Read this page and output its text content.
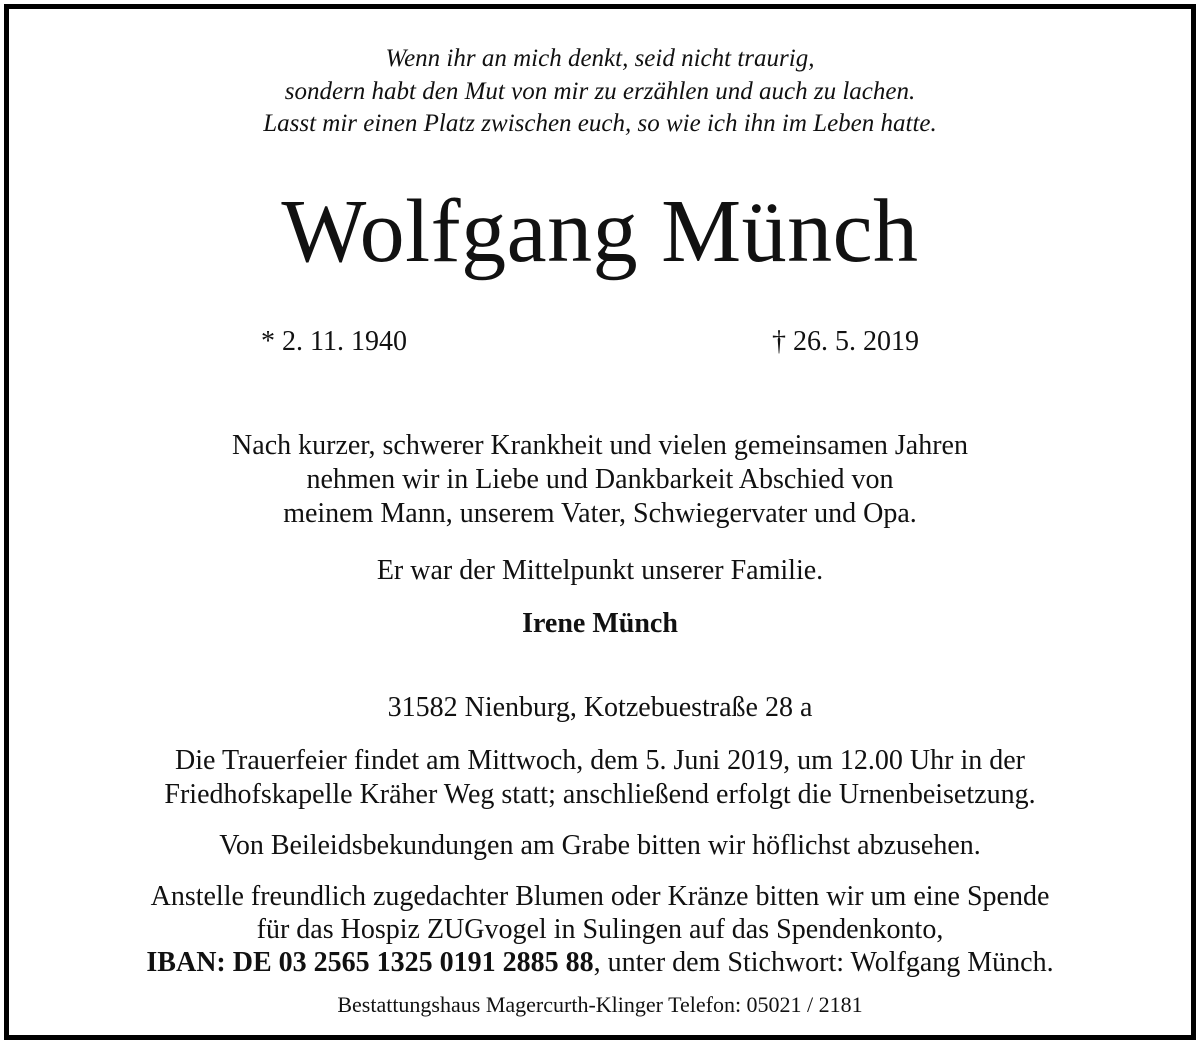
Wenn ihr an mich denkt, seid nicht traurig,
sondern habt den Mut von mir zu erzählen und auch zu lachen.
Lasst mir einen Platz zwischen euch, so wie ich ihn im Leben hatte.
Wolfgang Münch
* 2. 11. 1940	† 26. 5. 2019
Nach kurzer, schwerer Krankheit und vielen gemeinsamen Jahren
nehmen wir in Liebe und Dankbarkeit Abschied von
meinem Mann, unserem Vater, Schwiegervater und Opa.
Er war der Mittelpunkt unserer Familie.
Irene Münch
31582 Nienburg, Kotzebuestraße 28 a
Die Trauerfeier findet am Mittwoch, dem 5. Juni 2019, um 12.00 Uhr in der
Friedhofskapelle Kräher Weg statt; anschließend erfolgt die Urnenbeisetzung.
Von Beileidsbekundungen am Grabe bitten wir höflichst abzusehen.
Anstelle freundlich zugedachter Blumen oder Kränze bitten wir um eine Spende
für das Hospiz ZUGvogel in Sulingen auf das Spendenkonto,
IBAN: DE 03 2565 1325 0191 2885 88, unter dem Stichwort: Wolfgang Münch.
Bestattungshaus Magercurth-Klinger Telefon: 05021 / 2181
